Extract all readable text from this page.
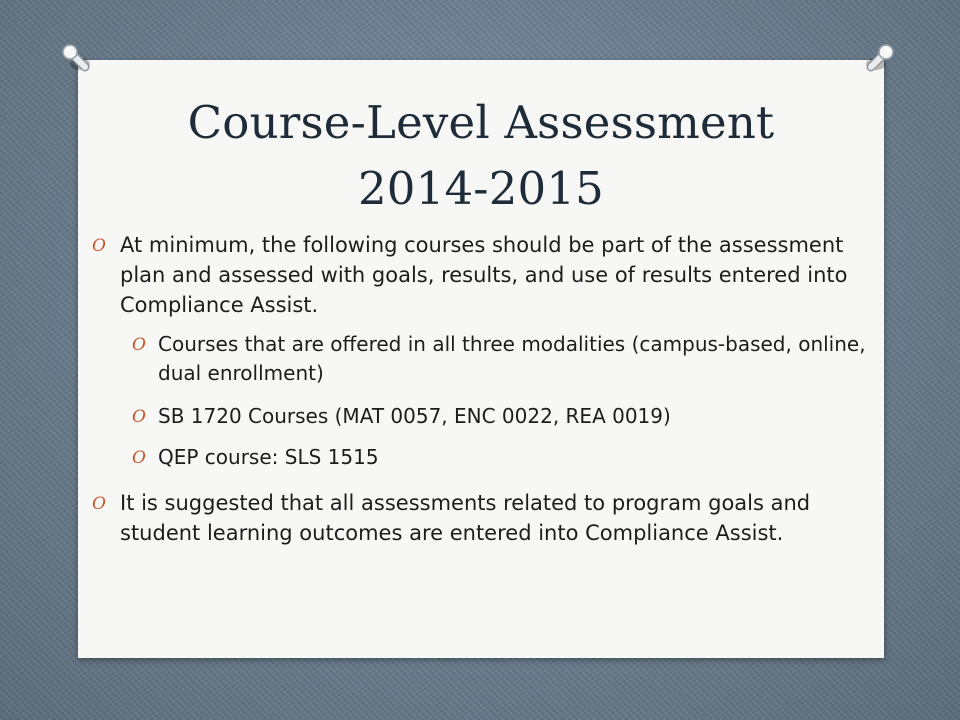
Course-Level Assessment
2014-2015
O At minimum, the following courses should be part of the assessment plan and assessed with goals, results, and use of results entered into Compliance Assist.
O Courses that are offered in all three modalities (campus-based, online, dual enrollment)
O SB 1720 Courses (MAT 0057, ENC 0022, REA 0019)
O QEP course: SLS 1515
O It is suggested that all assessments related to program goals and student learning outcomes are entered into Compliance Assist.
